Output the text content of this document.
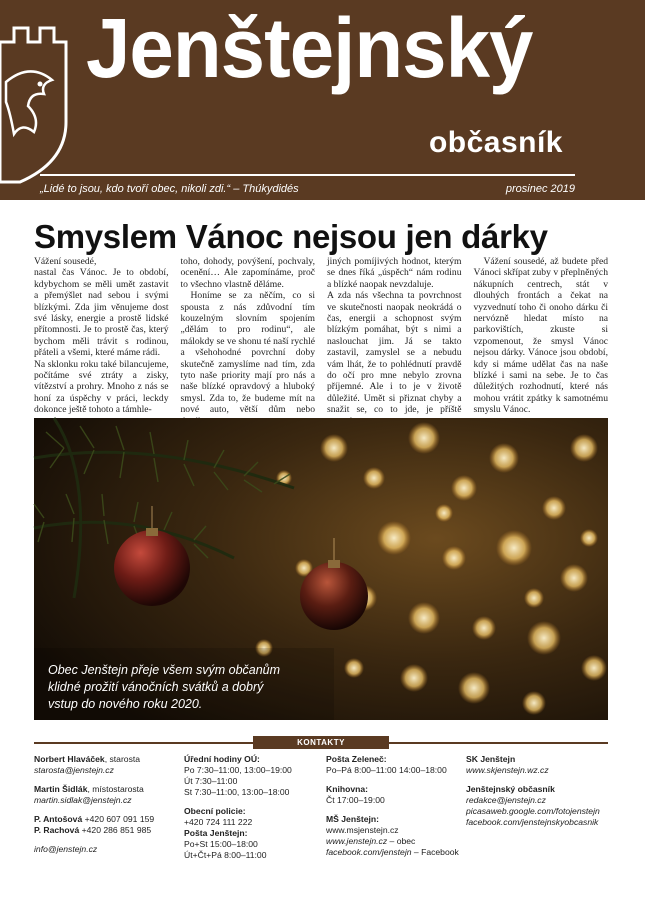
Jenštejnský
občasník
„Lidé to jsou, kdo tvoří obec, nikoli zdi.“ – Thúkydidés	prosinec 2019
Smyslem Vánoc nejsou jen dárky

Vážení sousedé,

nastal čas Vánoc. Je to období, kdybychom se měli umět zastavit a přemýšlet nad sebou i svými blízkými. Zda jim věnujeme dost své lásky, energie a prostě lidské přítomnosti. Je to prostě čas, který bychom měli trávit s rodinou, přáteli a všemi, které máme rádi.

Na sklonku roku také bilancujeme, počítáme své ztráty a zisky, vítězství a prohry. Mnoho z nás se honí za úspěchy v práci, leckdy dokonce ještě tohoto a támhle-

toho, dohody, povýšení, pochvaly, ocenění… Ale zapomínáme, proč to všechno vlastně děláme.

Honíme se za něčím, co si spousta z nás zdůvodní tím kouzelným slovním spojením „dělám to pro rodinu“, ale málokdy se ve shonu té naší rychlé a všehohodné povrchní doby skutečně zamyslíme nad tím, zda tyto naše priority mají pro nás a naše blízké opravdový a hluboký smysl. Zda to, že budeme mít na nové auto, větší dům nebo

jiných pomíjivých hodnot, kterým se dnes říká „úspěch“ nám rodinu a blízké naopak nevzdaluje.

A zda nás všechna ta povrchnost ve skutečnosti naopak neokrádá o čas, energii a schopnost svým blízkým pomáhat, být s nimi a naslouchat jim. Já se takto zastavil, zamyslel se a nebudu vám lhát, že to pohlédnutí pravdě do očí pro mne nebylo zrovna příjemné. Ale i to je v životě důležité. Umět si přiznat chyby a snažit se, co to jde, je příště

Vážení sousedé, až budete před Vánoci skřípat zuby v přeplněných nákupních centrech, stát v dlouhých frontách a čekat na vyzvednutí toho či onoho dárku či nervózně hledat místo na parkovištích, zkuste si vzpomenout, že smysl Vánoc nejsou dárky. Vánoce jsou období, kdy si máme udělat čas na naše blízké i sami na sebe. Je to čas důležitých rozhodnutí, které nás mohou vrátit zpátky k samotnému smyslu Vánoc.

Obec Jenštejn přeje všem svým občanům
klidné prožití vánočních svátků a dobrý
vstup do nového roku 2020.
KONTAKTY
Norbert Hlaváček, starosta
starosta@jenstejn.cz
Martin Šidlák, místostarosta
martin.sidlak@jenstejn.cz
P. Antošová +420 607 091 159
P. Rachová +420 286 851 985
info@jenstejn.cz
Úřední hodiny OÚ:
Po 7:30–11:00, 13:00–19:00
Út 7:30–11:00
St 7:30–11:00, 13:00–18:00
Obecní policie:
+420 724 111 222
Pošta Jenštejn:
Po+St 15:00–18:00
Út+Čt+Pá 8:00–11:00
Pošta Zeleneč:
Po–Pá 8:00–11:00 14:00–18:00
Knihovna:
Čt 17:00–19:00
MŠ Jenštejn:
www.msjenstejn.cz
www.jenstejn.cz – obec
facebook.com/jenstejn – Facebook
SK Jenštejn
www.skjenstejn.wz.cz
Jenštejnský občasník
redakce@jenstejn.cz
picasaweb.google.com/fotojenstejn
facebook.com/jenstejnskyobcasnik
